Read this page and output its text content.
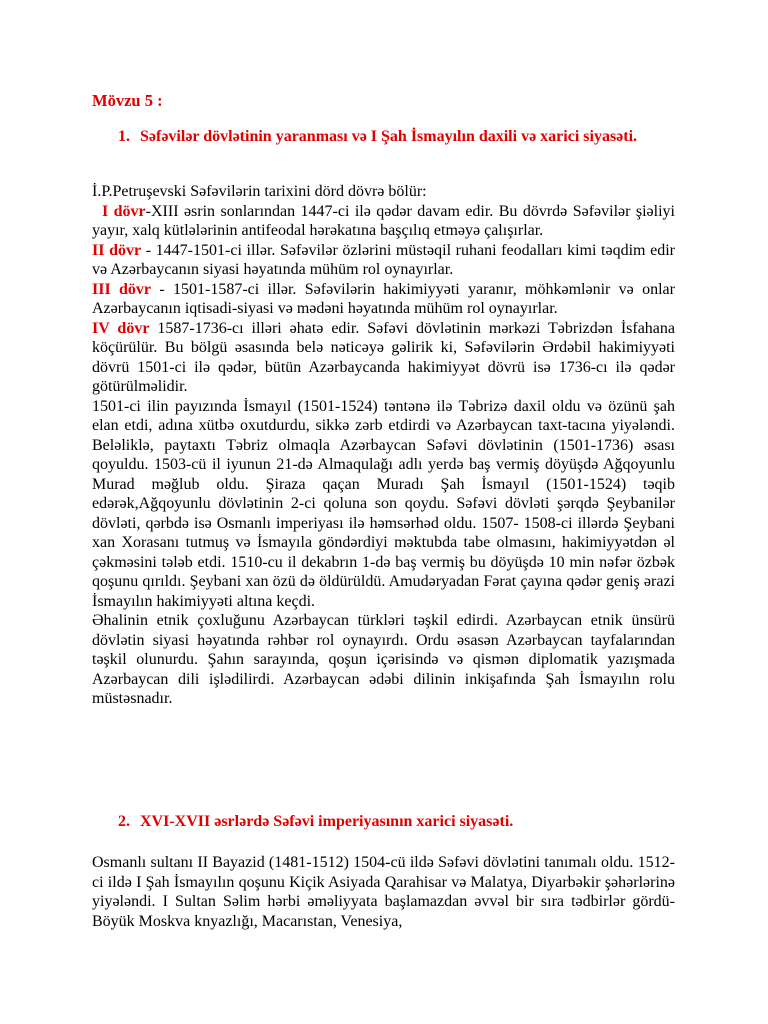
Mövzu 5 :
1. Səfəvilər dövlətinin yaranması və I Şah İsmayılın daxili və xarici siyasəti.
İ.P.Petruşevski Səfəvilərin tarixini dörd dövrə bölür:
I dövr-XIII əsrin sonlarından 1447-ci ilə qədər davam edir. Bu dövrdə Səfəvilər şiəliyi yayır, xalq kütlələrinin antifeodal hərəkatına başçılıq etməyə çalışırlar.
II dövr - 1447-1501-ci illər. Səfəvilər özlərini müstəqil ruhani feodalları kimi təqdim edir və Azərbaycanın siyasi həyatında mühüm rol oynayırlar.
III dövr - 1501-1587-ci illər. Səfəvilərin hakimiyyəti yaranır, möhkəmlənir və onlar Azərbaycanın iqtisadi-siyasi və mədəni həyatında mühüm rol oynayırlar.
IV dövr 1587-1736-cı illəri əhatə edir. Səfəvi dövlətinin mərkəzi Təbrizdən İsfahana köçürülür. Bu bölgü əsasında belə nəticəyə gəlirik ki, Səfəvilərin Ərdəbil hakimiyyəti dövrü 1501-ci ilə qədər, bütün Azərbaycanda hakimiyyət dövrü isə 1736-cı ilə qədər götürülməlidir.
1501-ci ilin payızında İsmayıl (1501-1524) təntənə ilə Təbrizə daxil oldu və özünü şah elan etdi, adına xütbə oxutdurdu, sikkə zərb etdirdi və Azərbaycan taxt-tacına yiyələndi. Beləliklə, paytaxtı Təbriz olmaqla Azərbaycan Səfəvi dövlətinin (1501-1736) əsası qoyuldu. 1503-cü il iyunun 21-də Almaqulağı adlı yerdə baş vermiş döyüşdə Ağqoyunlu Murad məğlub oldu. Şiraza qaçan Muradı Şah İsmayıl (1501-1524) təqib edərək,Ağqoyunlu dövlətinin 2-ci qoluna son qoydu. Səfəvi dövləti şərqdə Şeybanilər dövləti, qərbdə isə Osmanlı imperiyası ilə həmsərhəd oldu. 1507- 1508-ci illərdə Şeybani xan Xorasanı tutmuş və İsmayıla göndərdiyi məktubda tabe olmasını, hakimiyyətdən əl çəkməsini tələb etdi. 1510-cu il dekabrın 1-də baş vermiş bu döyüşdə 10 min nəfər özbək qoşunu qırıldı. Şeybani xan özü də öldürüldü. Amudəryadan Fərat çayına qədər geniş ərazi İsmayılın hakimiyyəti altına keçdi.
Əhalinin etnik çoxluğunu Azərbaycan türkləri təşkil edirdi. Azərbaycan etnik ünsürü dövlətin siyasi həyatında rəhbər rol oynayırdı. Ordu əsasən Azərbaycan tayfalarından təşkil olunurdu. Şahın sarayında, qoşun içərisində və qismən diplomatik yazışmada Azərbaycan dili işlədilirdi. Azərbaycan ədəbi dilinin inkişafında Şah İsmayılın rolu müstəsnadır.
2. XVI-XVII əsrlərdə Səfəvi imperiyasının xarici siyasəti.
Osmanlı sultanı II Bayazid (1481-1512) 1504-cü ildə Səfəvi dövlətini tanımalı oldu. 1512-ci ildə I Şah İsmayılın qoşunu Kiçik Asiyada Qarahisar və Malatya, Diyarbəkir şəhərlərinə yiyələndi. I Sultan Səlim hərbi əməliyyata başlamazdan əvvəl bir sıra tədbirlər gördü-Böyük Moskva knyazlığı, Macarıstan, Venesiya,
